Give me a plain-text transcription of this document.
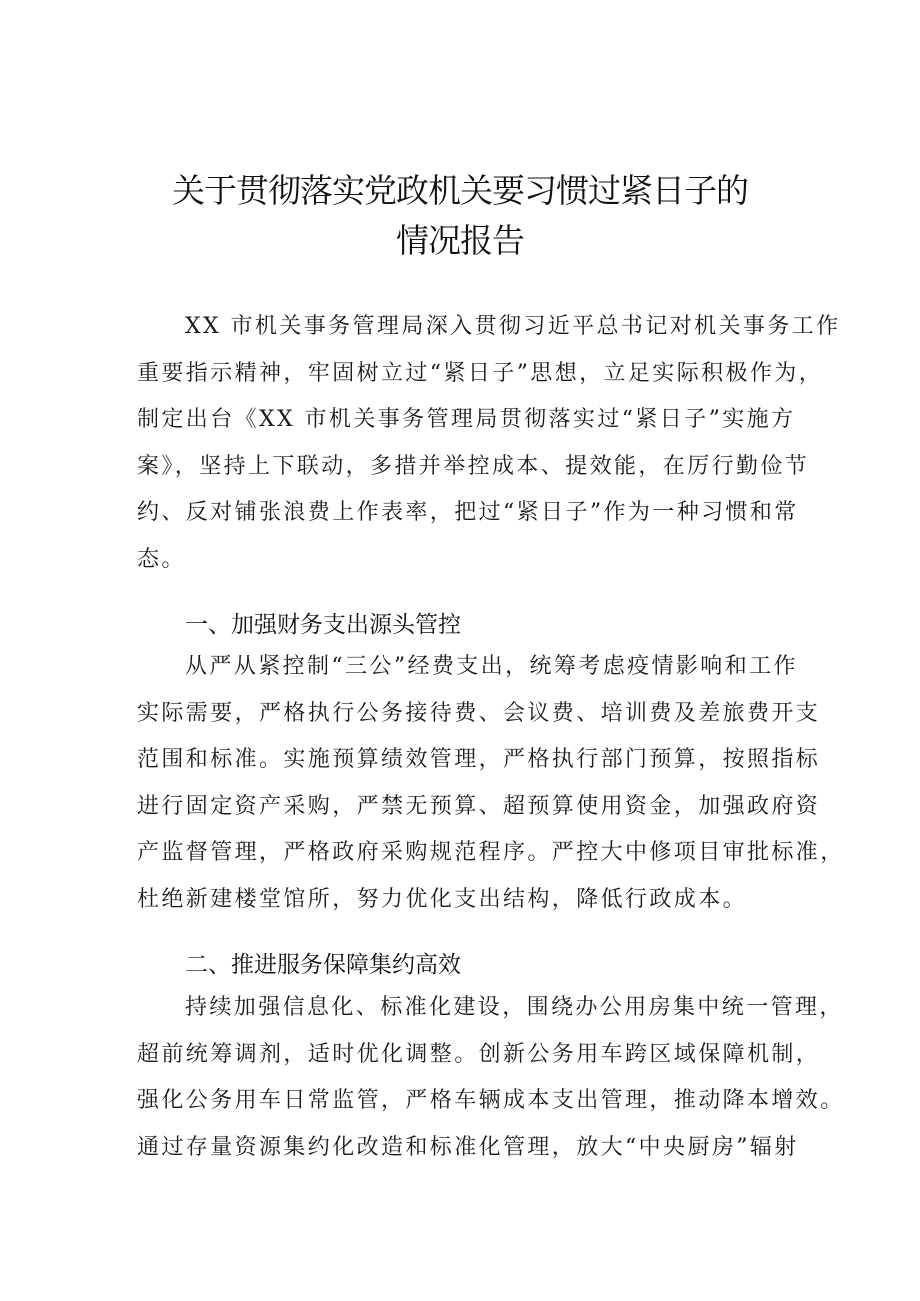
关于贯彻落实党政机关要习惯过紧日子的
情况报告
XX 市机关事务管理局深入贯彻习近平总书记对机关事务工作
重要指示精神，牢固树立过“紧日子”思想，立足实际积极作为，
制定出台《XX 市机关事务管理局贯彻落实过“紧日子”实施方
案》，坚持上下联动，多措并举控成本、提效能，在厉行勤俭节
约、反对铺张浪费上作表率，把过“紧日子”作为一种习惯和常
态。
一、加强财务支出源头管控
从严从紧控制“三公”经费支出，统筹考虑疫情影响和工作
实际需要，严格执行公务接待费、会议费、培训费及差旅费开支
范围和标准。实施预算绩效管理，严格执行部门预算，按照指标
进行固定资产采购，严禁无预算、超预算使用资金，加强政府资
产监督管理，严格政府采购规范程序。严控大中修项目审批标准，
杜绝新建楼堂馆所，努力优化支出结构，降低行政成本。
二、推进服务保障集约高效
持续加强信息化、标准化建设，围绕办公用房集中统一管理，
超前统筹调剂，适时优化调整。创新公务用车跨区域保障机制，
强化公务用车日常监管，严格车辆成本支出管理，推动降本增效。
通过存量资源集约化改造和标准化管理，放大“中央厨房”辐射
